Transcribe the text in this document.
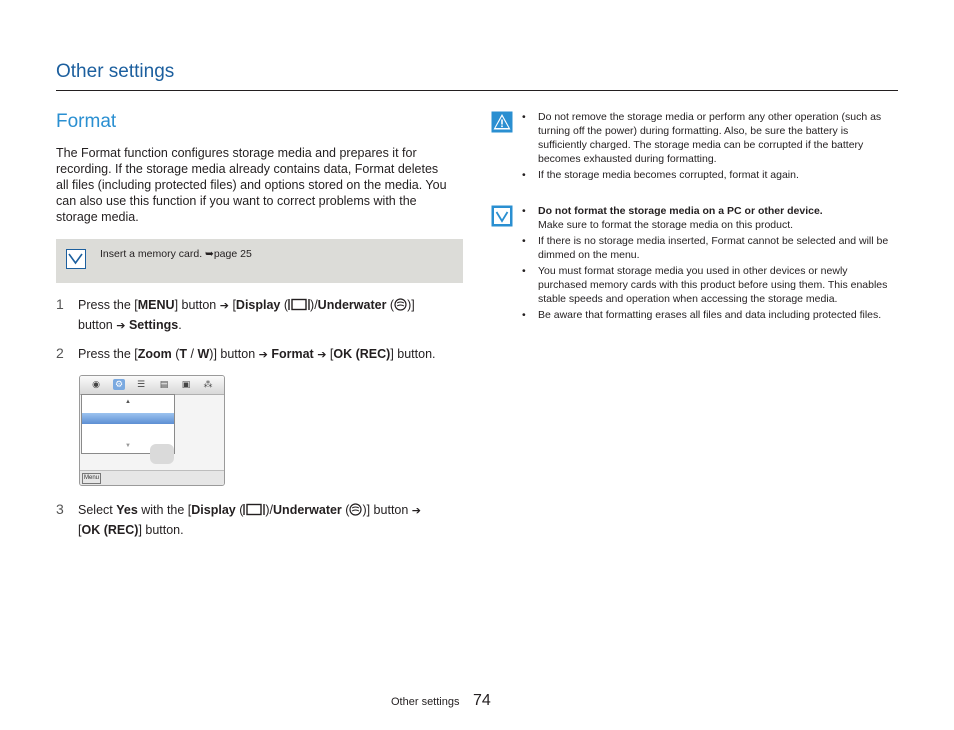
Other settings
Format
The Format function configures storage media and prepares it for recording. If the storage media already contains data, Format deletes all files (including protected files) and options stored on the media. You can also use this function if you want to correct problems with the storage media.
Insert a memory card. ➥page 25
1 Press the [MENU] button ➔ [Display ( )/Underwater ( )]
button ➔ Settings.
2 Press the [Zoom (T / W)] button ➔ Format ➔ [OK (REC)] button.
◉ ⚙ ☰ ▤ ▣ ⁂
▲
▼
Menu
3 Select Yes with the [Display ( )/Underwater ( )] button ➔
[OK (REC)] button.
• Do not remove the storage media or perform any other operation (such as turning off the power) during formatting. Also, be sure the battery is sufficiently charged. The storage media can be corrupted if the battery becomes exhausted during formatting.
• If the storage media becomes corrupted, format it again.
• Do not format the storage media on a PC or other device.
Make sure to format the storage media on this product.
• If there is no storage media inserted, Format cannot be selected and will be dimmed on the menu.
• You must format storage media you used in other devices or newly purchased memory cards with this product before using them. This enables stable speeds and operation when accessing the storage media.
• Be aware that formatting erases all files and data including protected files.
Other settings 74
